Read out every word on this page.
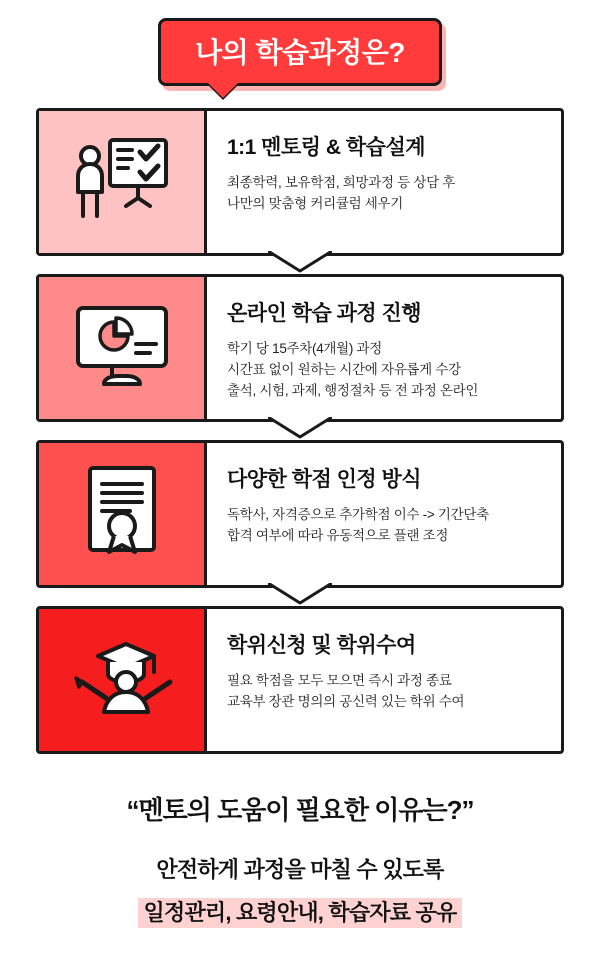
나의 학습과정은?
1:1 멘토링 & 학습설계
최종학력, 보유학점, 희망과정 등 상담 후
나만의 맞춤형 커리큘럼 세우기
온라인 학습 과정 진행
학기 당 15주차(4개월) 과정
시간표 없이 원하는 시간에 자유롭게 수강
출석, 시험, 과제, 행정절차 등 전 과정 온라인
다양한 학점 인정 방식
독학사, 자격증으로 추가학점 이수 -> 기간단축
합격 여부에 따라 유동적으로 플랜 조정
학위신청 및 학위수여
필요 학점을 모두 모으면 즉시 과정 종료
교육부 장관 명의의 공신력 있는 학위 수여
“멘토의 도움이 필요한 이유는?”
안전하게 과정을 마칠 수 있도록
일정관리, 요령안내, 학습자료 공유
